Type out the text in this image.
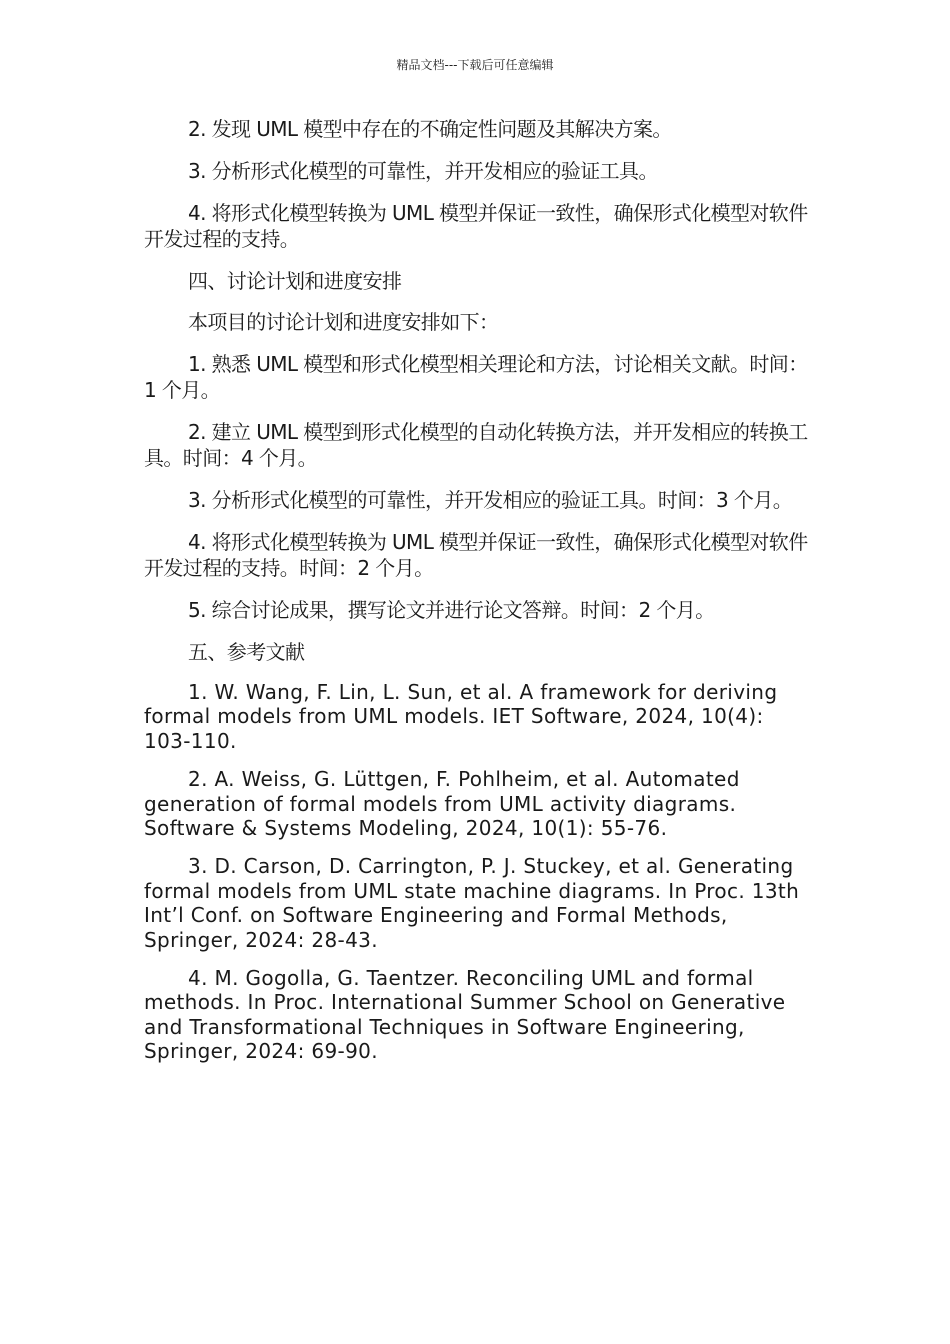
精品文档---下载后可任意编辑

2. 发现 UML 模型中存在的不确定性问题及其解决方案。

3. 分析形式化模型的可靠性，并开发相应的验证工具。

4. 将形式化模型转换为 UML 模型并保证一致性，确保形式化模型对软件开发过程的支持。

四、讨论计划和进度安排

本项目的讨论计划和进度安排如下：

1. 熟悉 UML 模型和形式化模型相关理论和方法，讨论相关文献。时间：1 个月。

2. 建立 UML 模型到形式化模型的自动化转换方法，并开发相应的转换工具。时间：4 个月。

3. 分析形式化模型的可靠性，并开发相应的验证工具。时间：3 个月。

4. 将形式化模型转换为 UML 模型并保证一致性，确保形式化模型对软件开发过程的支持。时间：2 个月。

5. 综合讨论成果，撰写论文并进行论文答辩。时间：2 个月。

五、参考文献

1. W. Wang, F. Lin, L. Sun, et al. A framework for deriving formal models from UML models. IET Software, 2024, 10(4): 103-110.

2. A. Weiss, G. Lüttgen, F. Pohlheim, et al. Automated generation of formal models from UML activity diagrams. Software & Systems Modeling, 2024, 10(1): 55-76.

3. D. Carson, D. Carrington, P. J. Stuckey, et al. Generating formal models from UML state machine diagrams. In Proc. 13th Int’l Conf. on Software Engineering and Formal Methods, Springer, 2024: 28-43.

4. M. Gogolla, G. Taentzer. Reconciling UML and formal methods. In Proc. International Summer School on Generative and Transformational Techniques in Software Engineering, Springer, 2024: 69-90.
